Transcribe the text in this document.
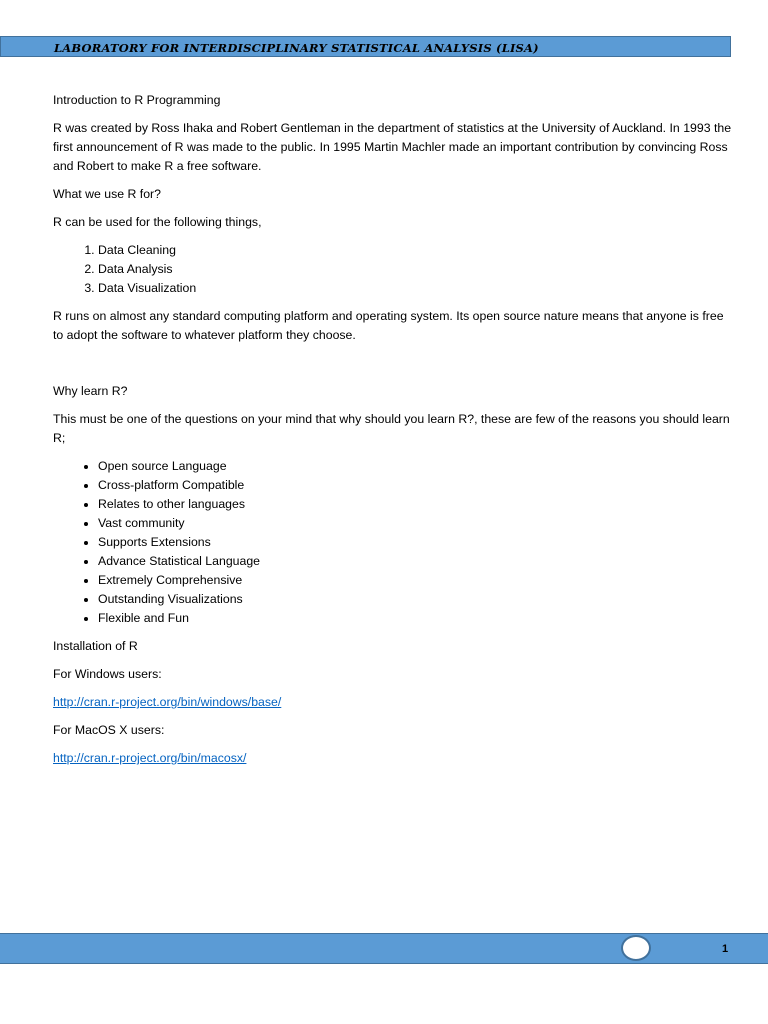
LABORATORY FOR INTERDISCIPLINARY STATISTICAL ANALYSIS (LISA)

Introduction to R Programming

R was created by Ross Ihaka and Robert Gentleman in the department of statistics at the University of Auckland. In 1993 the first announcement of R was made to the public. In 1995 Martin Machler made an important contribution by convincing Ross and Robert to make R a free software.

What we use R for?

R can be used for the following things,

1. Data Cleaning
2. Data Analysis
3. Data Visualization

R runs on almost any standard computing platform and operating system. Its open source nature means that anyone is free to adopt the software to whatever platform they choose.

Why learn R?

This must be one of the questions on your mind that why should you learn R?, these are few of the reasons you should learn R;

• Open source Language
• Cross-platform Compatible
• Relates to other languages
• Vast community
• Supports Extensions
• Advance Statistical Language
• Extremely Comprehensive
• Outstanding Visualizations
• Flexible and Fun

Installation of R

For Windows users:

http://cran.r-project.org/bin/windows/base/

For MacOS X users:

http://cran.r-project.org/bin/macosx/

1
